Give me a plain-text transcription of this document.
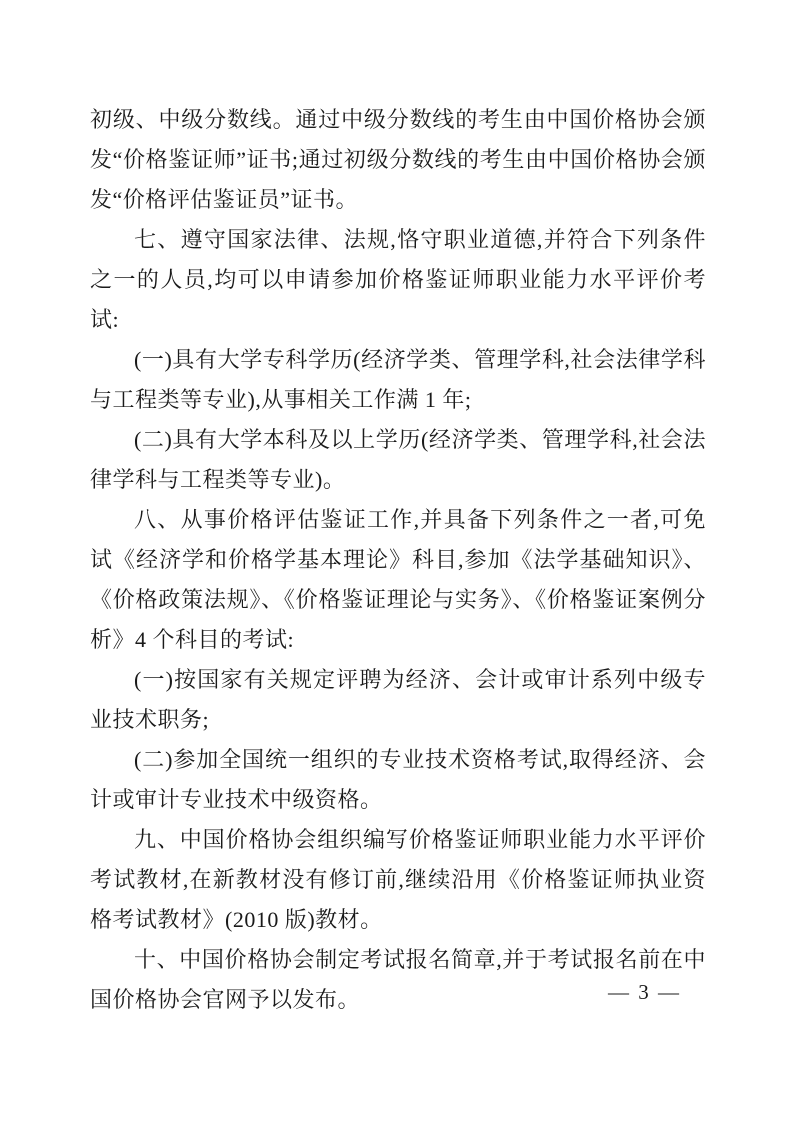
初级、中级分数线。通过中级分数线的考生由中国价格协会颁发“价格鉴证师”证书;通过初级分数线的考生由中国价格协会颁发“价格评估鉴证员”证书。

七、遵守国家法律、法规,恪守职业道德,并符合下列条件之一的人员,均可以申请参加价格鉴证师职业能力水平评价考试:

(一)具有大学专科学历(经济学类、管理学科,社会法律学科与工程类等专业),从事相关工作满 1 年;

(二)具有大学本科及以上学历(经济学类、管理学科,社会法律学科与工程类等专业)。

八、从事价格评估鉴证工作,并具备下列条件之一者,可免试《经济学和价格学基本理论》科目,参加《法学基础知识》、《价格政策法规》、《价格鉴证理论与实务》、《价格鉴证案例分析》4 个科目的考试:

(一)按国家有关规定评聘为经济、会计或审计系列中级专业技术职务;

(二)参加全国统一组织的专业技术资格考试,取得经济、会计或审计专业技术中级资格。

九、中国价格协会组织编写价格鉴证师职业能力水平评价考试教材,在新教材没有修订前,继续沿用《价格鉴证师执业资格考试教材》(2010 版)教材。

十、中国价格协会制定考试报名简章,并于考试报名前在中国价格协会官网予以发布。	— 3 —
